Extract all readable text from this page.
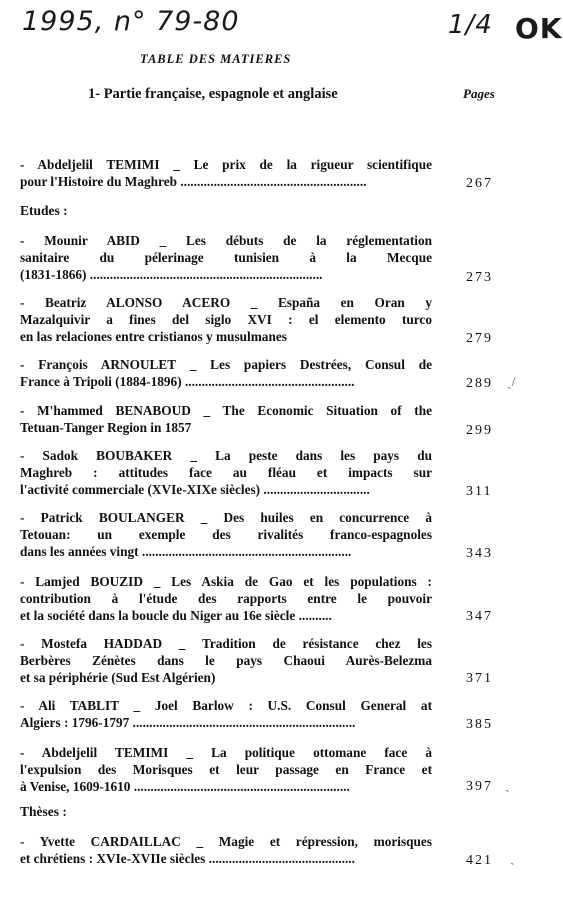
1995, n° 79-80	1/4 OK
TABLE DES MATIERES
1- Partie française, espagnole et anglaise	Pages
- Abdeljelil TEMIMI _ Le prix de la rigueur scientifique
pour l'Histoire du Maghreb ........................................................	267
Etudes :
- Mounir ABID _ Les débuts de la réglementation
sanitaire du pélerinage tunisien à la Mecque
(1831-1866) ......................................................................	273
- Beatriz ALONSO ACERO _ España en Oran y
Mazalquivir a fines del siglo XVI : el elemento turco
en las relaciones entre cristianos y musulmanes	279
- François ARNOULET _ Les papiers Destrées, Consul de
France à Tripoli (1884-1896) ...................................................	289 ˏ/
- M'hammed BENABOUD _ The Economic Situation of the
Tetuan-Tanger Region in 1857	299
- Sadok BOUBAKER _ La peste dans les pays du
Maghreb : attitudes face au fléau et impacts sur
l'activité commerciale (XVIe-XIXe siècles) ................................	311
- Patrick BOULANGER _ Des huiles en concurrence à
Tetouan: un exemple des rivalités franco-espagnoles
dans les années vingt ...............................................................	343
- Lamjed BOUZID _ Les Askia de Gao et les populations :
contribution à l'étude des rapports entre le pouvoir
et la société dans la boucle du Niger au 16e siècle ..........	347
- Mostefa HADDAD _ Tradition de résistance chez les
Berbères Zénètes dans le pays Chaoui Aurès-Belezma
et sa périphérie (Sud Est Algérien)	371
- Ali TABLIT _ Joel Barlow : U.S. Consul General at
Algiers : 1796-1797 ...................................................................	385
- Abdeljelil TEMIMI _ La politique ottomane face à
l'expulsion des Morisques et leur passage en France et
à Venise, 1609-1610 .................................................................	397 ˏ
Thèses :
- Yvette CARDAILLAC _ Magie et répression, morisques
et chrétiens : XVIe-XVIIe siècles ............................................	421 ˏ
